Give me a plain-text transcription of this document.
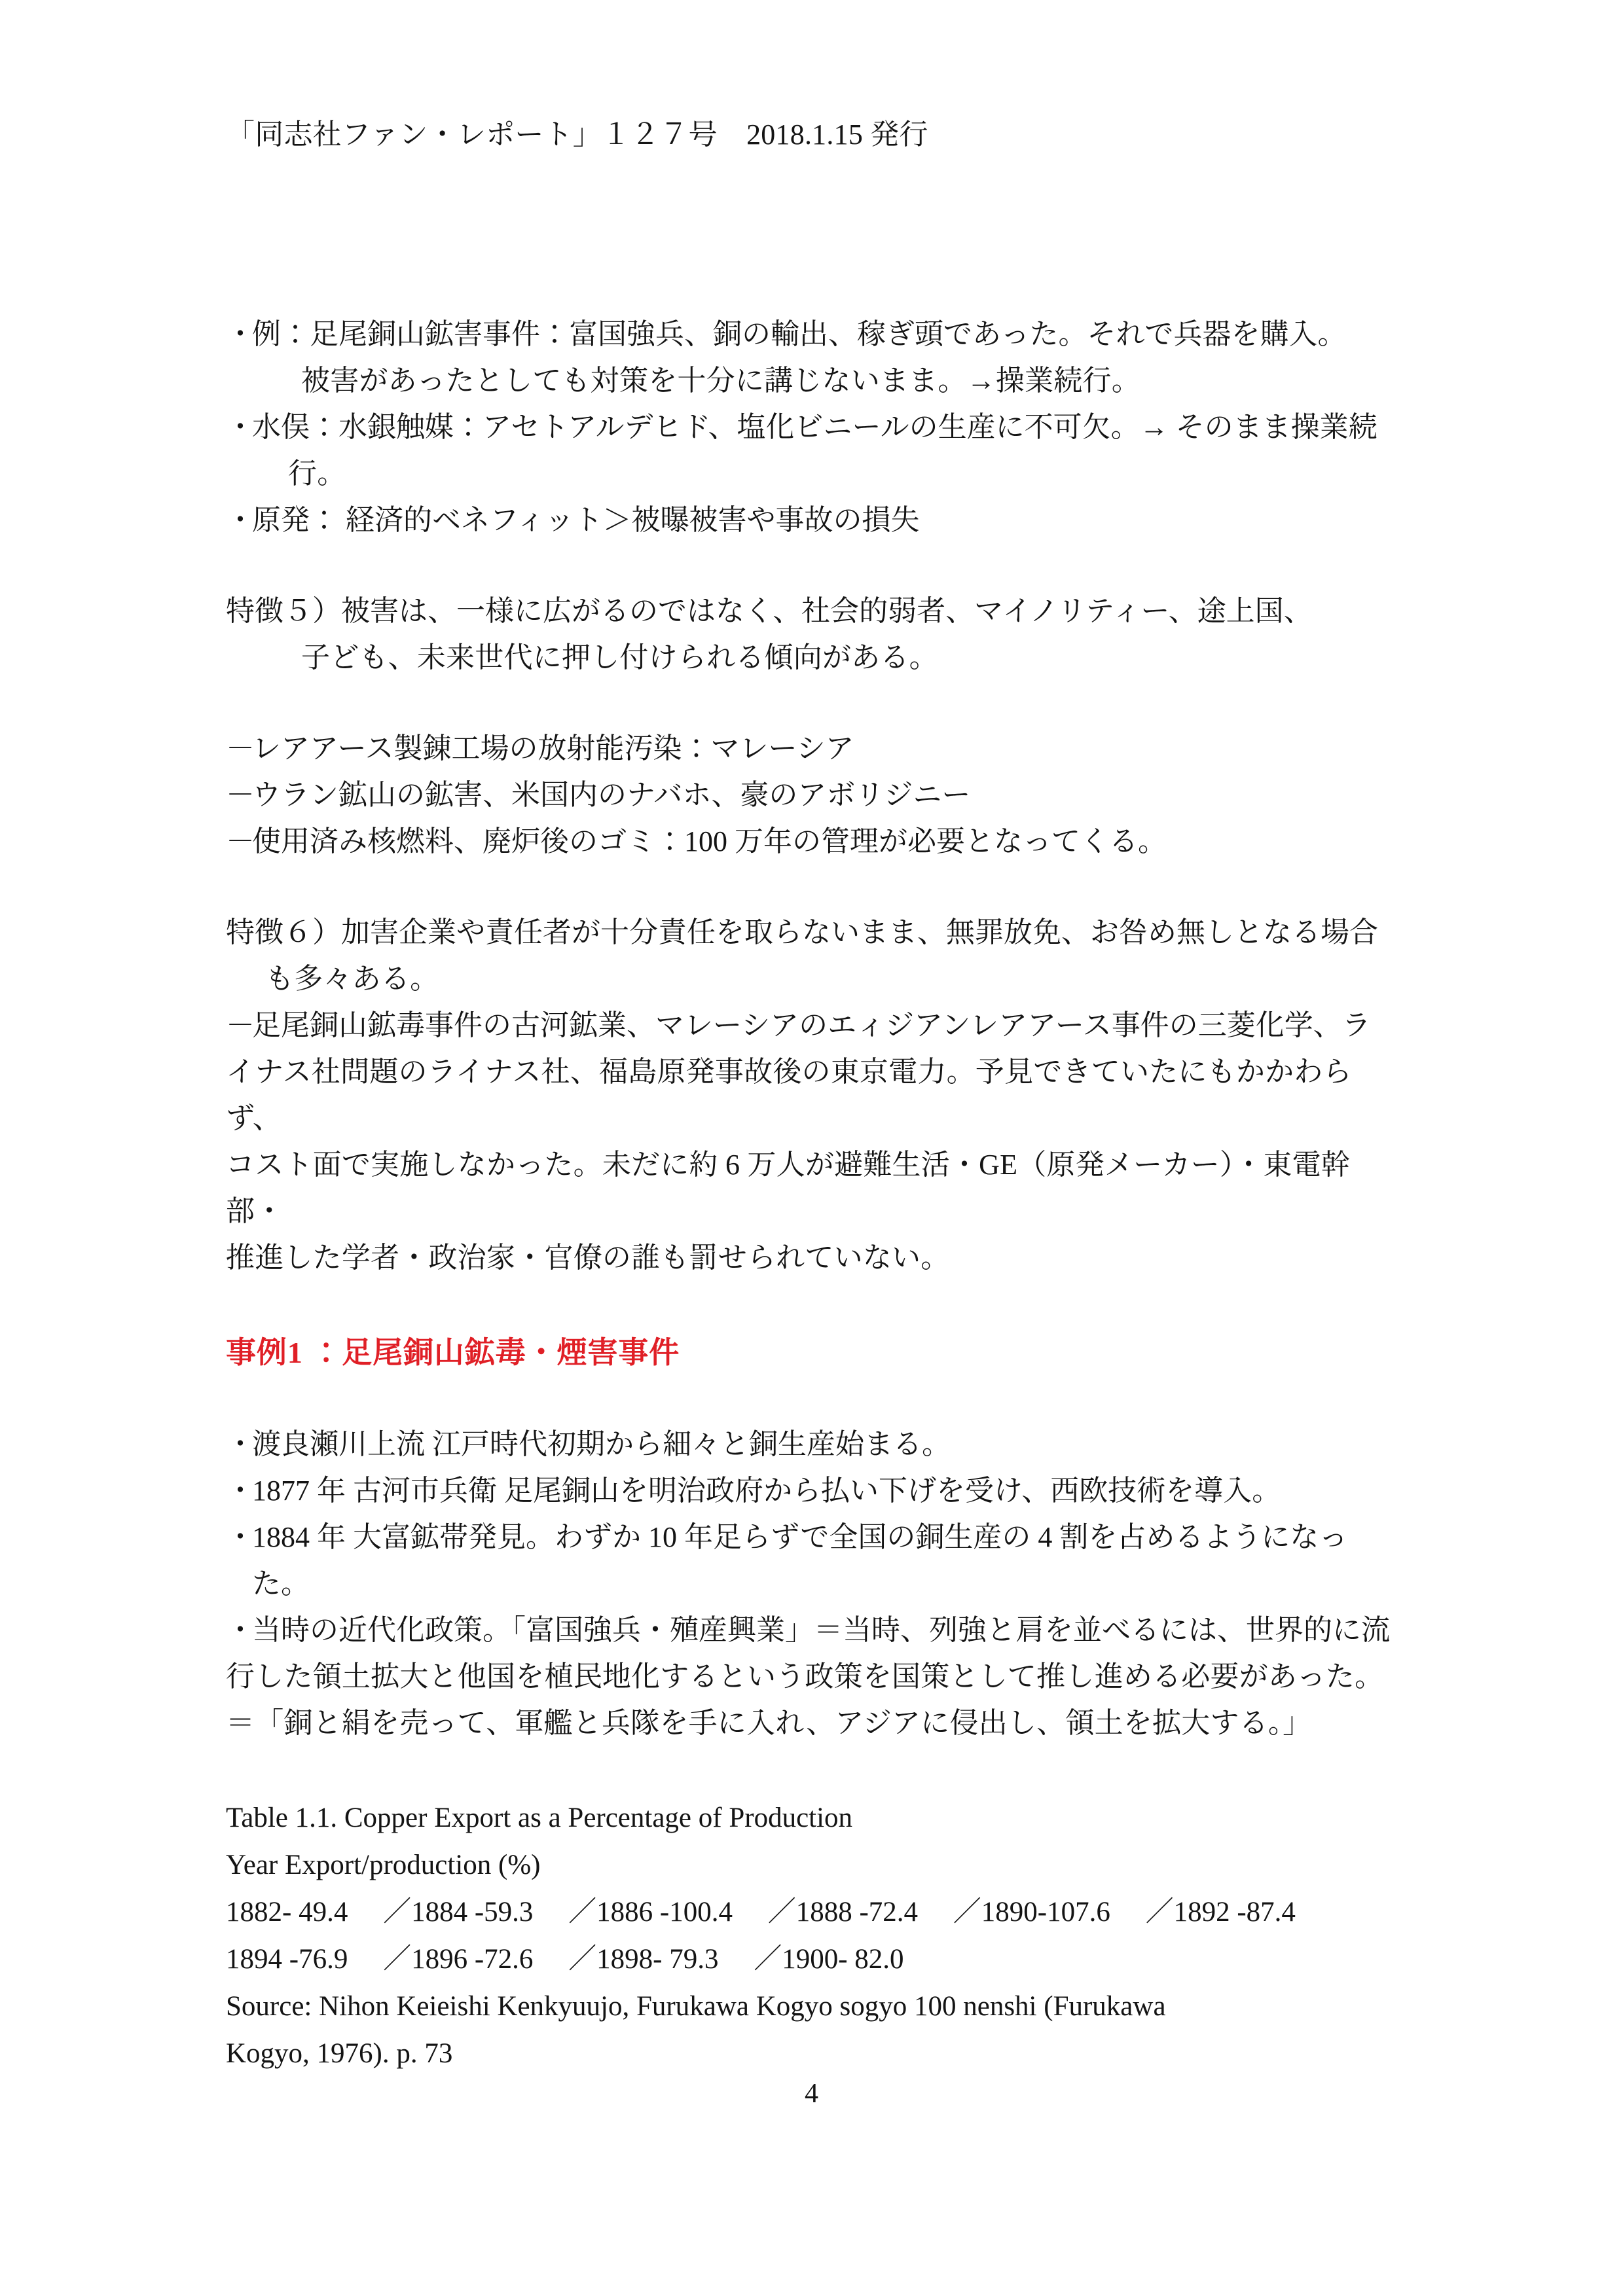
「同志社ファン・レポート」１２７号　2018.1.15 発行
・
例：足尾銅山鉱害事件：富国強兵、銅の輸出、稼ぎ頭であった。それで兵器を購入。
被害があったとしても対策を十分に講じないまま。→操業続行。
・
水俣：水銀触媒：アセトアルデヒド、塩化ビニールの生産に不可欠。→ そのまま操業続
行。
・
原発： 経済的ベネフィット＞被曝被害や事故の損失
特徴５） 被害は、一様に広がるのではなく、社会的弱者、マイノリティー、途上国、
子ども、未来世代に押し付けられる傾向がある。
－
レアアース製錬工場の放射能汚染：マレーシア
－
ウラン鉱山の鉱害、米国内のナバホ、豪のアボリジニー
－
使用済み核燃料、廃炉後のゴミ：100 万年の管理が必要となってくる。
特徴６） 加害企業や責任者が十分責任を取らないまま、無罪放免、お咎め無しとなる場合
も多々ある。
－
足尾銅山鉱毒事件の古河鉱業、マレーシアのエィジアンレアアース事件の三菱化学、ラ
イナス社問題のライナス社、福島原発事故後の東京電力。予見できていたにもかかわらず、
コスト面で実施しなかった。未だに約 6 万人が避難生活・GE（原発メーカー）・東電幹部・
推進した学者・政治家・官僚の誰も罰せられていない。
事例1 ：足尾銅山鉱毒・煙害事件
・
渡良瀬川上流 江戸時代初期から細々と銅生産始まる。
・
1877 年 古河市兵衛 足尾銅山を明治政府から払い下げを受け、西欧技術を導入。
・
1884 年 大富鉱帯発見。わずか 10 年足らずで全国の銅生産の 4 割を占めるようになった。
・
当時の近代化政策。「富国強兵・殖産興業」＝当時、列強と肩を並べるには、世界的に流
行した領土拡大と他国を植民地化するという政策を国策として推し進める必要があった。
＝「銅と絹を売って、軍艦と兵隊を手に入れ、アジアに侵出し、領土を拡大する。」
Table 1.1. Copper Export as a Percentage of Production
Year Export/production (%)
1882- 49.4 　／1884 -59.3 　／1886 -100.4 　／1888 -72.4 　／1890-107.6 　／1892 -87.4
1894 -76.9 　／1896 -72.6 　／1898- 79.3 　／1900- 82.0
Source: Nihon Keieishi Kenkyuujo, Furukawa Kogyo sogyo 100 nenshi (Furukawa
Kogyo, 1976). p. 73
4
